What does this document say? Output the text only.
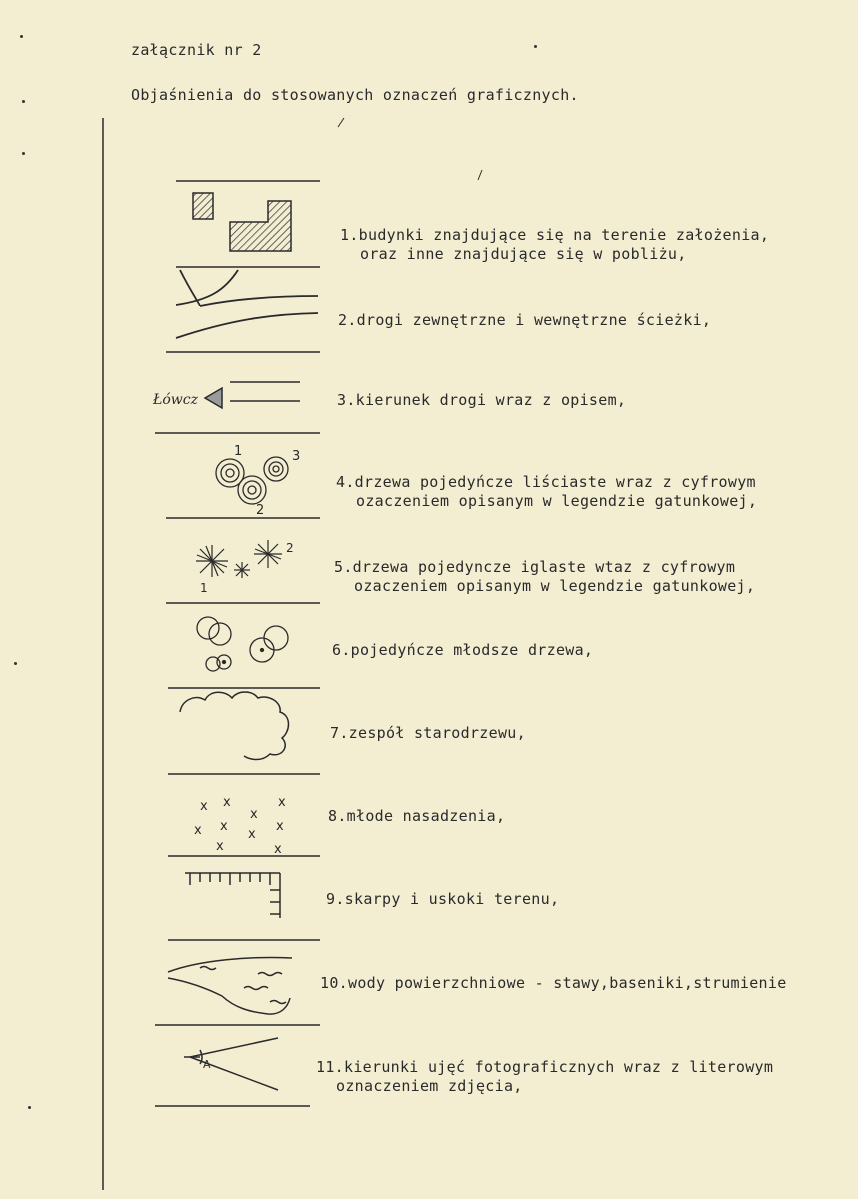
załącznik nr 2
Objaśnienia do stosowanych oznaczeń graficznych.
Łówcz
1
2
3
1
2
x x
x
x
x x
x
x
x	x
A
1.budynki znajdujące się na terenie założenia,
oraz inne znajdujące się w pobliżu,
2.drogi zewnętrzne i wewnętrzne ścieżki,
3.kierunek drogi wraz z opisem,
4.drzewa pojedyńcze liściaste wraz z cyfrowym
ozaczeniem opisanym w legendzie gatunkowej,
5.drzewa pojedyncze iglaste wtaz z cyfrowym
ozaczeniem opisanym w legendzie gatunkowej,
6.pojedyńcze młodsze drzewa,
7.zespół starodrzewu,
8.młode nasadzenia,
9.skarpy i uskoki terenu,
10.wody powierzchniowe - stawy,baseniki,strumienie
11.kierunki ujęć fotograficznych wraz z literowym
oznaczeniem zdjęcia,
